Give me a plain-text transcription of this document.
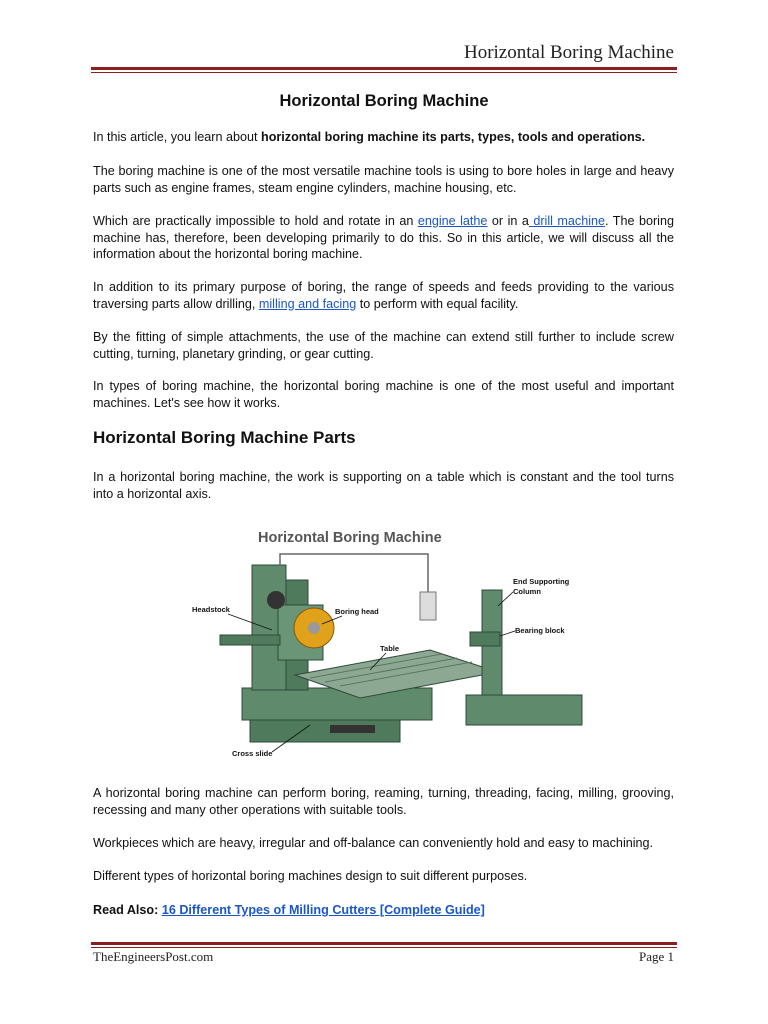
Horizontal Boring Machine
Horizontal Boring Machine
In this article, you learn about horizontal boring machine its parts, types, tools and operations.
The boring machine is one of the most versatile machine tools is using to bore holes in large and heavy parts such as engine frames, steam engine cylinders, machine housing, etc.
Which are practically impossible to hold and rotate in an engine lathe or in a drill machine. The boring machine has, therefore, been developing primarily to do this. So in this article, we will discuss all the information about the horizontal boring machine.
In addition to its primary purpose of boring, the range of speeds and feeds providing to the various traversing parts allow drilling, milling and facing to perform with equal facility.
By the fitting of simple attachments, the use of the machine can extend still further to include screw cutting, turning, planetary grinding, or gear cutting.
In types of boring machine, the horizontal boring machine is one of the most useful and important machines. Let's see how it works.
Horizontal Boring Machine Parts
In a horizontal boring machine, the work is supporting on a table which is constant and the tool turns into a horizontal axis.
Horizontal Boring Machine
Headstock	Boring head
Table
End Supporting
Column
Bearing block
Cross slide
A horizontal boring machine can perform boring, reaming, turning, threading, facing, milling, grooving, recessing and many other operations with suitable tools.
Workpieces which are heavy, irregular and off-balance can conveniently hold and easy to machining.
Different types of horizontal boring machines design to suit different purposes.
Read Also: 16 Different Types of Milling Cutters [Complete Guide]
TheEngineersPost.com	Page 1
